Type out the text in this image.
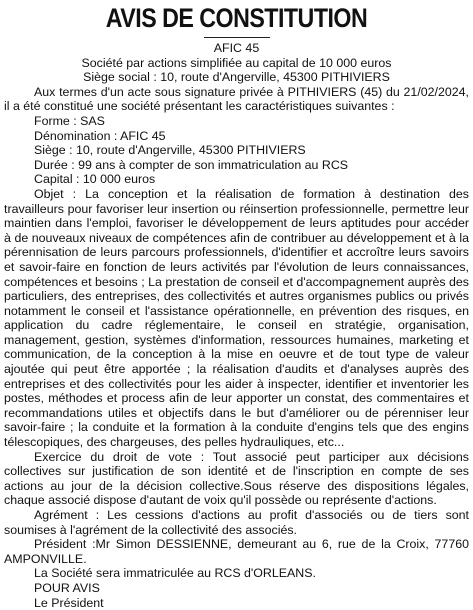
AVIS DE CONSTITUTION

AFIC 45

Société par actions simplifiée au capital de 10 000 euros

Siège social : 10, route d'Angerville, 45300 PITHIVIERS

Aux termes d'un acte sous signature privée à PITHIVIERS (45) du 21/02/2024, il a été constitué une société présentant les caractéristiques suivantes :

Forme : SAS

Dénomination : AFIC 45

Siège : 10, route d'Angerville, 45300 PITHIVIERS

Durée : 99 ans à compter de son immatriculation au RCS

Capital : 10 000 euros

Objet : La conception et la réalisation de formation à destination des travailleurs pour favoriser leur insertion ou réinsertion professionnelle, permettre leur maintien dans l'emploi, favoriser le développement de leurs aptitudes pour accéder à de nouveaux niveaux de compétences afin de contribuer au développement et à la pérennisation de leurs parcours professionnels, d'identifier et accroître leurs savoirs et savoir-faire en fonction de leurs activités par l'évolution de leurs connaissances, compétences et besoins ; La prestation de conseil et d'accompagnement auprès des particuliers, des entreprises, des collectivités et autres organismes publics ou privés notamment le conseil et l'assistance opérationnelle, en prévention des risques, en application du cadre réglementaire, le conseil en stratégie, organisation, management, gestion, systèmes d'information, ressources humaines, marketing et communication, de la conception à la mise en oeuvre et de tout type de valeur ajoutée qui peut être apportée ; la réalisation d'audits et d'analyses auprès des entreprises et des collectivités pour les aider à inspecter, identifier et inventorier les postes, méthodes et process afin de leur apporter un constat, des commentaires et recommandations utiles et objectifs dans le but d'améliorer ou de pérenniser leur savoir-faire ; la conduite et la formation à la conduite d'engins tels que des engins télescopiques, des chargeuses, des pelles hydrauliques, etc...

Exercice du droit de vote : Tout associé peut participer aux décisions collectives sur justification de son identité et de l'inscription en compte de ses actions au jour de la décision collective.Sous réserve des dispositions légales, chaque associé dispose d'autant de voix qu'il possède ou représente d'actions.

Agrément : Les cessions d'actions au profit d'associés ou de tiers sont soumises à l'agrément de la collectivité des associés.

Président :Mr Simon DESSIENNE, demeurant au 6, rue de la Croix, 77760 AMPONVILLE.

La Société sera immatriculée au RCS d'ORLEANS.

POUR AVIS

Le Président
